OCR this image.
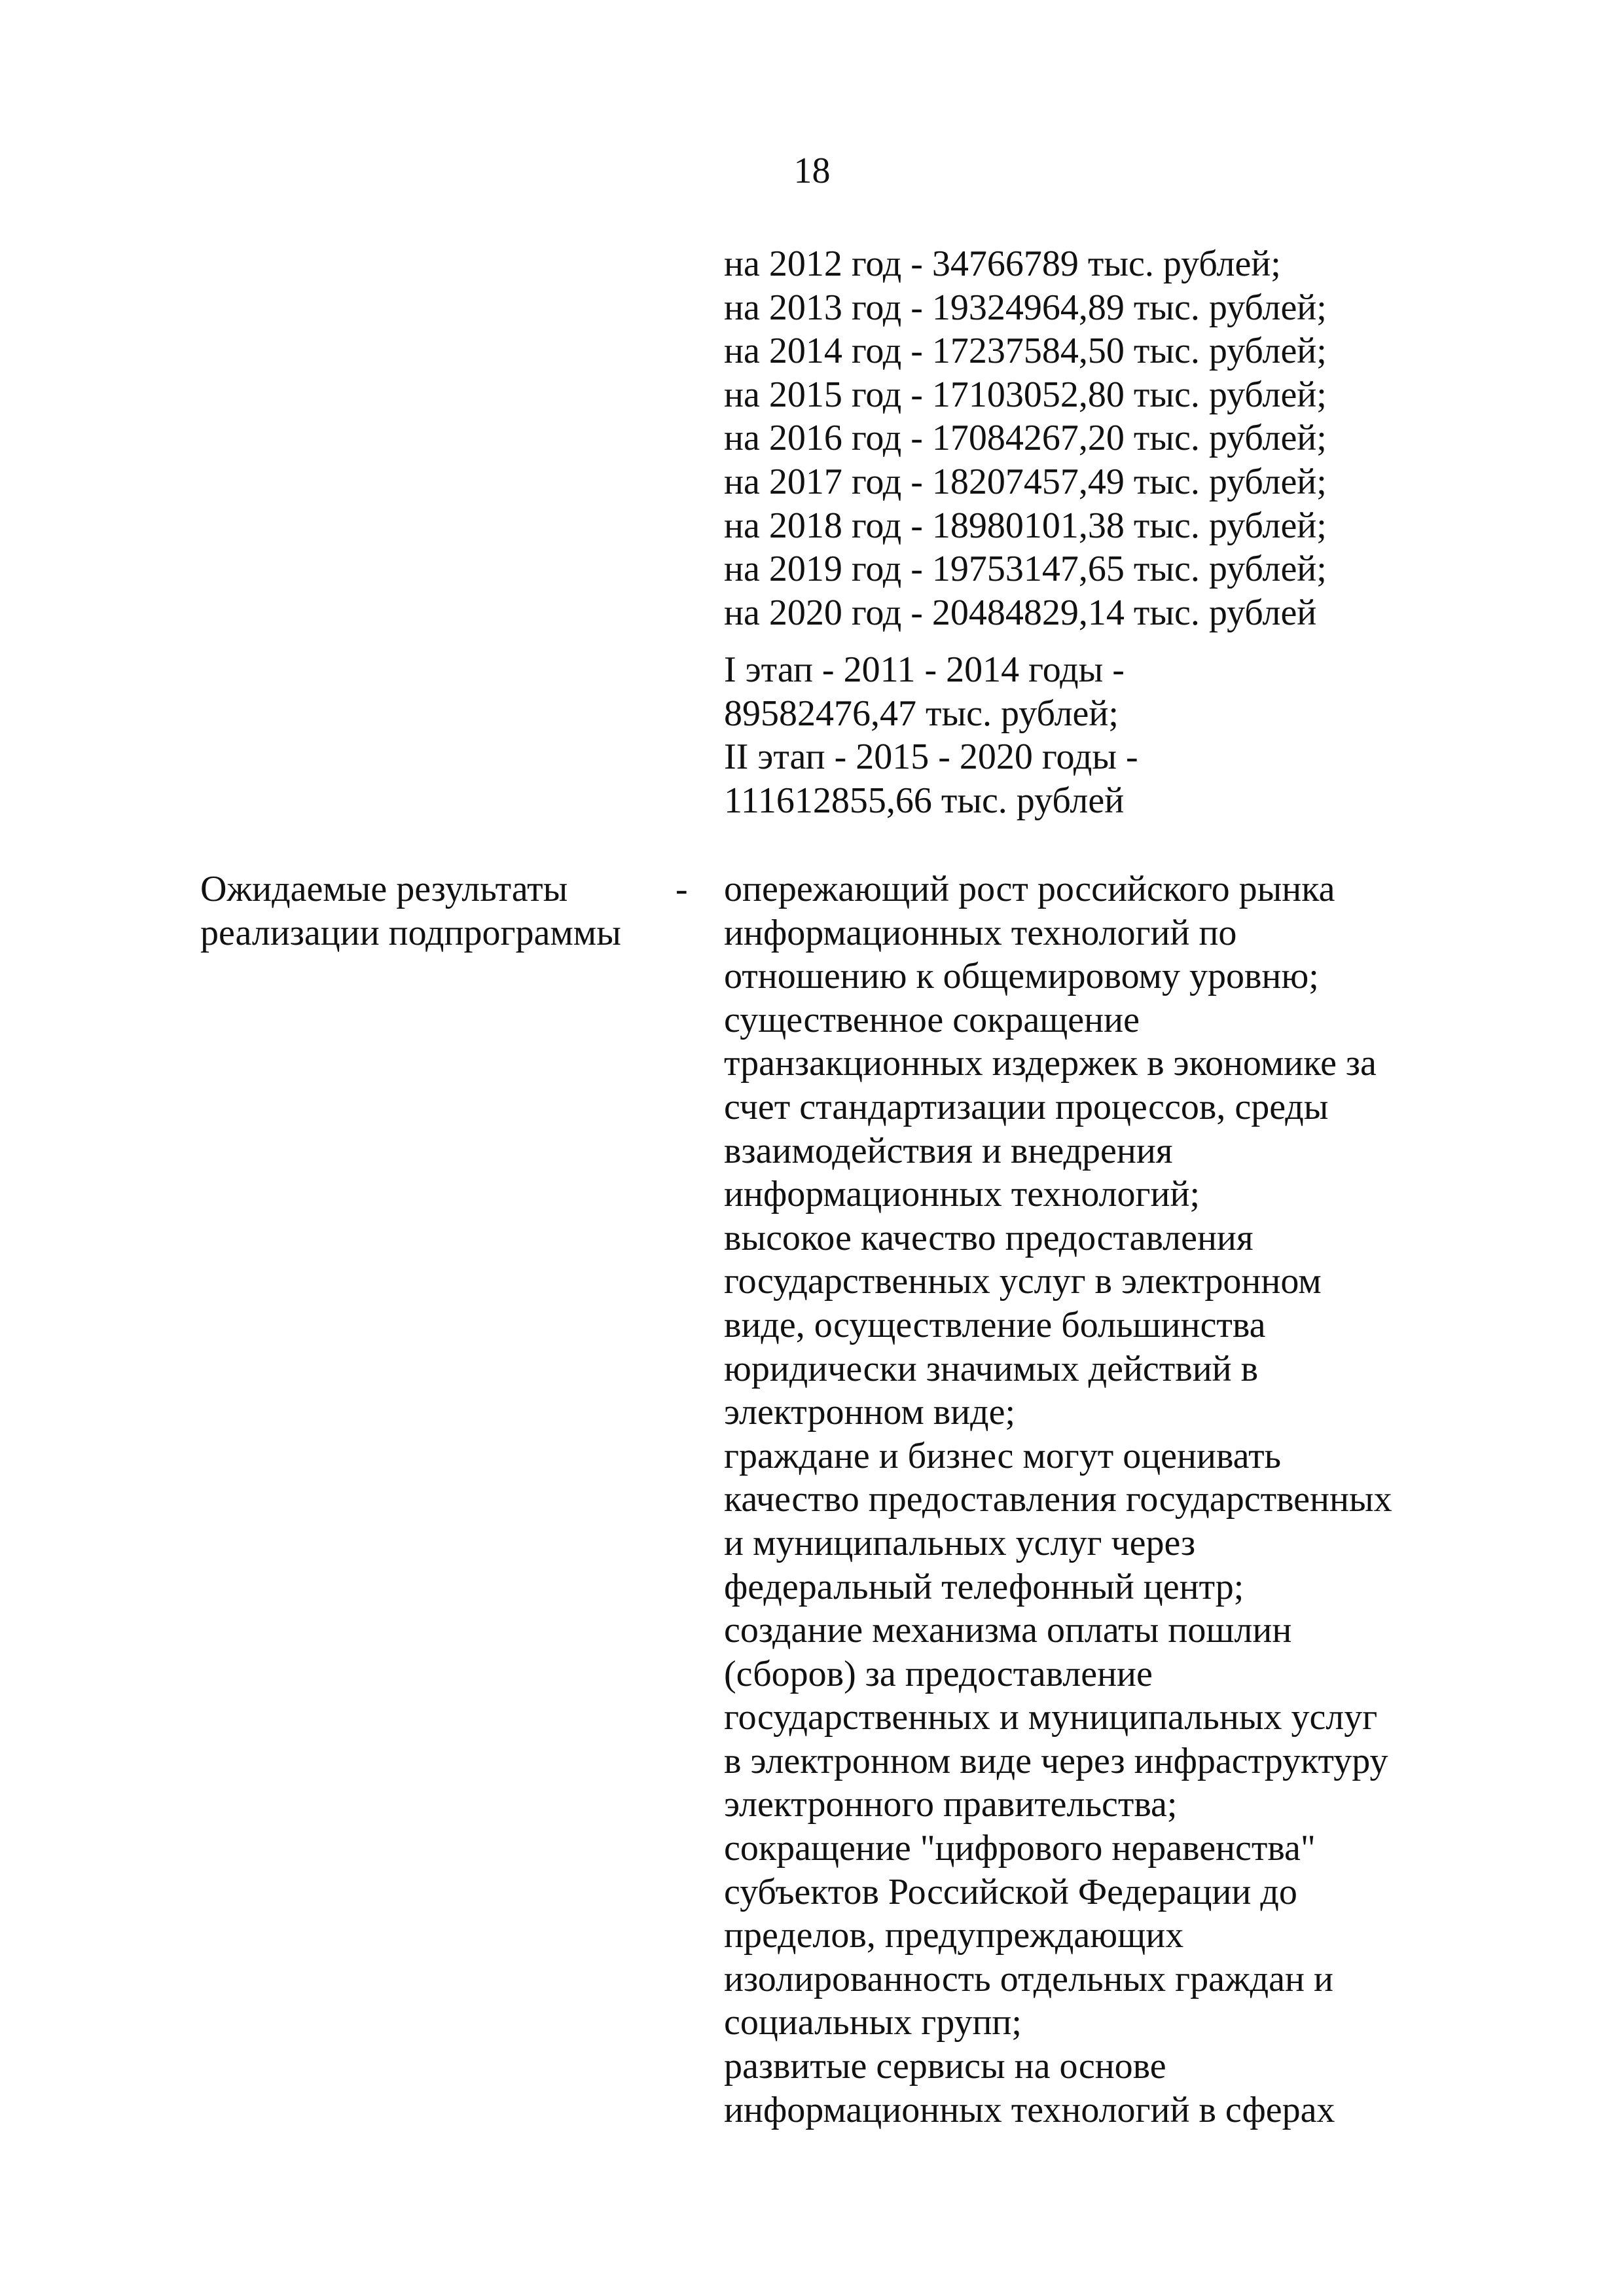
18
на 2012 год - 34766789 тыс. рублей;
на 2013 год - 19324964,89 тыс. рублей;
на 2014 год - 17237584,50 тыс. рублей;
на 2015 год - 17103052,80 тыс. рублей;
на 2016 год - 17084267,20 тыс. рублей;
на 2017 год - 18207457,49 тыс. рублей;
на 2018 год - 18980101,38 тыс. рублей;
на 2019 год - 19753147,65 тыс. рублей;
на 2020 год - 20484829,14 тыс. рублей
I этап - 2011 - 2014 годы -
89582476,47 тыс. рублей;
II этап - 2015 - 2020 годы -
111612855,66 тыс. рублей
Ожидаемые результаты
реализации подпрограммы
- опережающий рост российского рынка
информационных технологий по
отношению к общемировому уровню;
существенное сокращение
транзакционных издержек в экономике за
счет стандартизации процессов, среды
взаимодействия и внедрения
информационных технологий;
высокое качество предоставления
государственных услуг в электронном
виде, осуществление большинства
юридически значимых действий в
электронном виде;
граждане и бизнес могут оценивать
качество предоставления государственных
и муниципальных услуг через
федеральный телефонный центр;
создание механизма оплаты пошлин
(сборов) за предоставление
государственных и муниципальных услуг
в электронном виде через инфраструктуру
электронного правительства;
сокращение "цифрового неравенства"
субъектов Российской Федерации до
пределов, предупреждающих
изолированность отдельных граждан и
социальных групп;
развитые сервисы на основе
информационных технологий в сферах
